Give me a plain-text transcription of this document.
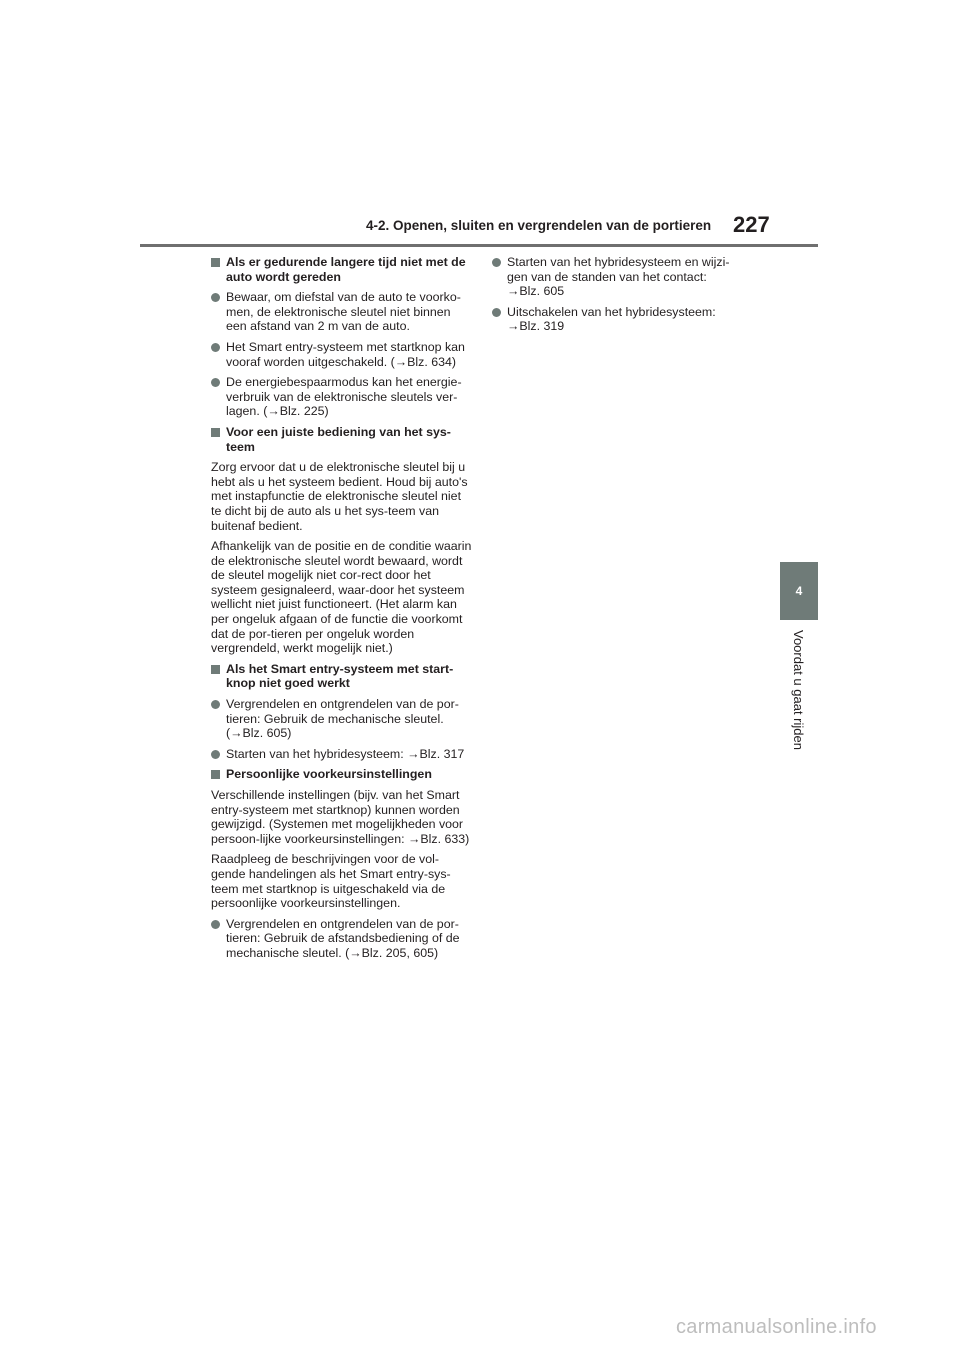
4-2. Openen, sluiten en vergrendelen van de portieren 227
4
Voordat u gaat rijden
Als er gedurende langere tijd niet met de auto wordt gereden
Bewaar, om diefstal van de auto te voorko-men, de elektronische sleutel niet binnen een afstand van 2 m van de auto.
Het Smart entry-systeem met startknop kan vooraf worden uitgeschakeld. (→Blz. 634)
De energiebespaarmodus kan het energie-verbruik van de elektronische sleutels ver-lagen. (→Blz. 225)
Voor een juiste bediening van het sys-teem
Zorg ervoor dat u de elektronische sleutel bij u hebt als u het systeem bedient. Houd bij auto's met instapfunctie de elektronische sleutel niet te dicht bij de auto als u het sys-teem van buitenaf bedient.
Afhankelijk van de positie en de conditie waarin de elektronische sleutel wordt bewaard, wordt de sleutel mogelijk niet cor-rect door het systeem gesignaleerd, waar-door het systeem wellicht niet juist functioneert. (Het alarm kan per ongeluk afgaan of de functie die voorkomt dat de por-tieren per ongeluk worden vergrendeld, werkt mogelijk niet.)
Als het Smart entry-systeem met start-knop niet goed werkt
Vergrendelen en ontgrendelen van de por-tieren: Gebruik de mechanische sleutel. (→Blz. 605)
Starten van het hybridesysteem: →Blz. 317
Persoonlijke voorkeursinstellingen
Verschillende instellingen (bijv. van het Smart entry-systeem met startknop) kunnen worden gewijzigd. (Systemen met mogelijkheden voor persoon-lijke voorkeursinstellingen: →Blz. 633)
Raadpleeg de beschrijvingen voor de vol-gende handelingen als het Smart entry-sys-teem met startknop is uitgeschakeld via de persoonlijke voorkeursinstellingen.
Vergrendelen en ontgrendelen van de por-tieren: Gebruik de afstandsbediening of de mechanische sleutel. (→Blz. 205, 605)
Starten van het hybridesysteem en wijzi-gen van de standen van het contact: →Blz. 605
Uitschakelen van het hybridesysteem: →Blz. 319
carmanualsonline.info
